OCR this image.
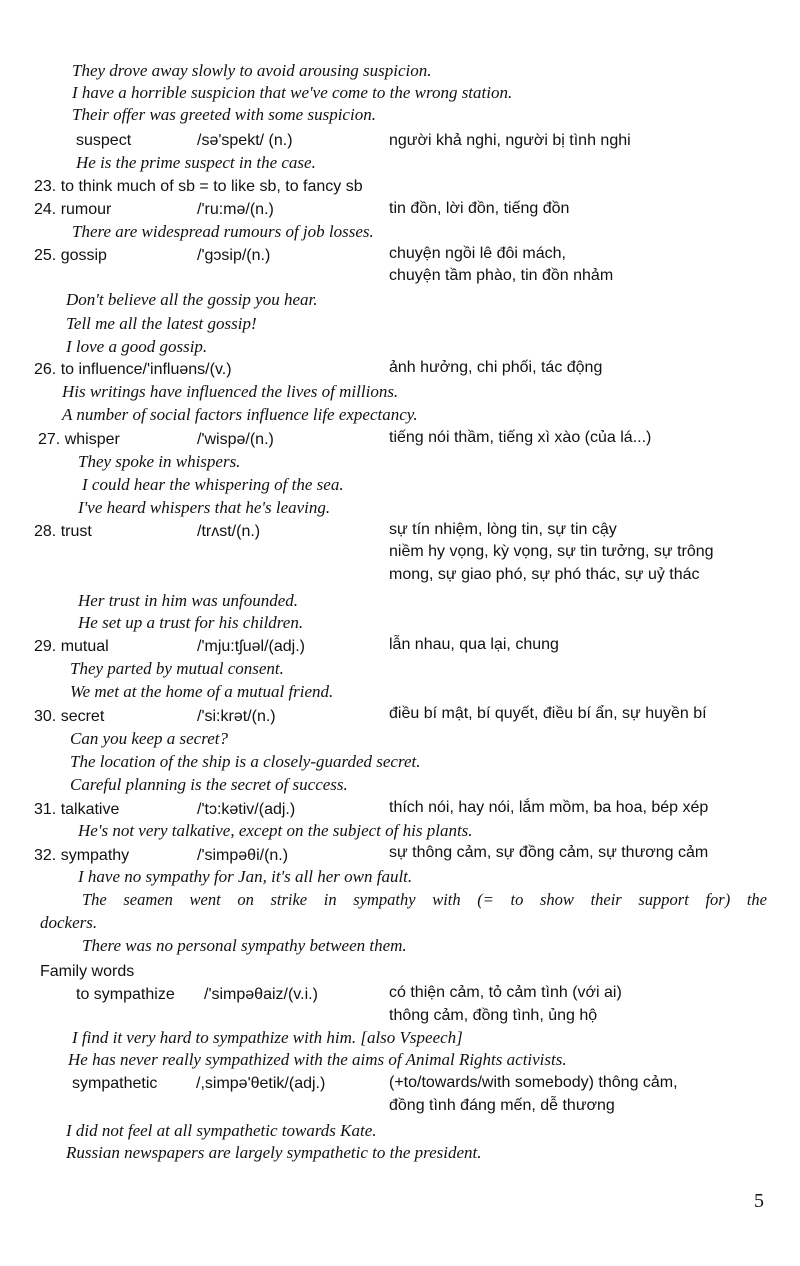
They drove away slowly to avoid arousing suspicion.
I have a horrible suspicion that we've come to the wrong station.
Their offer was greeted with some suspicion.
suspect	/sə'spekt/ (n.)	người khả nghi, người bị tình nghi
He is the prime suspect in the case.
23. to think much of sb = to like sb, to fancy sb
24. rumour	/'ru:mə/(n.)	tin đồn, lời đồn, tiếng đồn
There are widespread rumours of job losses.
25. gossip	/'gɔsip/(n.)	chuyện ngồi lê đôi mách,
chuyện tầm phào, tin đồn nhảm
Don't believe all the gossip you hear.
Tell me all the latest gossip!
I love a good gossip.
26. to influence/'influəns/(v.)	ảnh hưởng, chi phối, tác động
His writings have influenced the lives of millions.
A number of social factors influence life expectancy.
27. whisper	/'wispə/(n.)	tiếng nói thầm, tiếng xì xào (của lá...)
They spoke in whispers.
I could hear the whispering of the sea.
I've heard whispers that he's leaving.
28. trust	/trʌst/(n.)	sự tín nhiệm, lòng tin, sự tin cậy
niềm hy vọng, kỳ vọng, sự tin tưởng, sự trông
mong, sự giao phó, sự phó thác, sự uỷ thác
Her trust in him was unfounded.
He set up a trust for his children.
29. mutual	/'mju:tʃuəl/(adj.)	lẫn nhau, qua lại, chung
They parted by mutual consent.
We met at the home of a mutual friend.
30. secret	/'si:krət/(n.)	điều bí mật, bí quyết, điều bí ẩn, sự huyền bí
Can you keep a secret?
The location of the ship is a closely-guarded secret.
Careful planning is the secret of success.
31. talkative	/'tɔ:kətiv/(adj.)	thích nói, hay nói, lắm mồm, ba hoa, bép xép
He's not very talkative, except on the subject of his plants.
32. sympathy	/'simpəθi/(n.)	sự thông cảm, sự đồng cảm, sự thương cảm
I have no sympathy for Jan, it's all her own fault.
The seamen went on strike in sympathy with (= to show their support for) the
dockers.
There was no personal sympathy between them.
Family words
to sympathize /'simpəθaiz/(v.i.)	có thiện cảm, tỏ cảm tình (với ai)
thông cảm, đồng tình, ủng hộ
I find it very hard to sympathize with him. [also Vspeech]
He has never really sympathized with the aims of Animal Rights activists.
sympathetic /,simpə'θetik/(adj.)	(+to/towards/with somebody) thông cảm,
đồng tình đáng mến, dễ thương
I did not feel at all sympathetic towards Kate.
Russian newspapers are largely sympathetic to the president.
5
